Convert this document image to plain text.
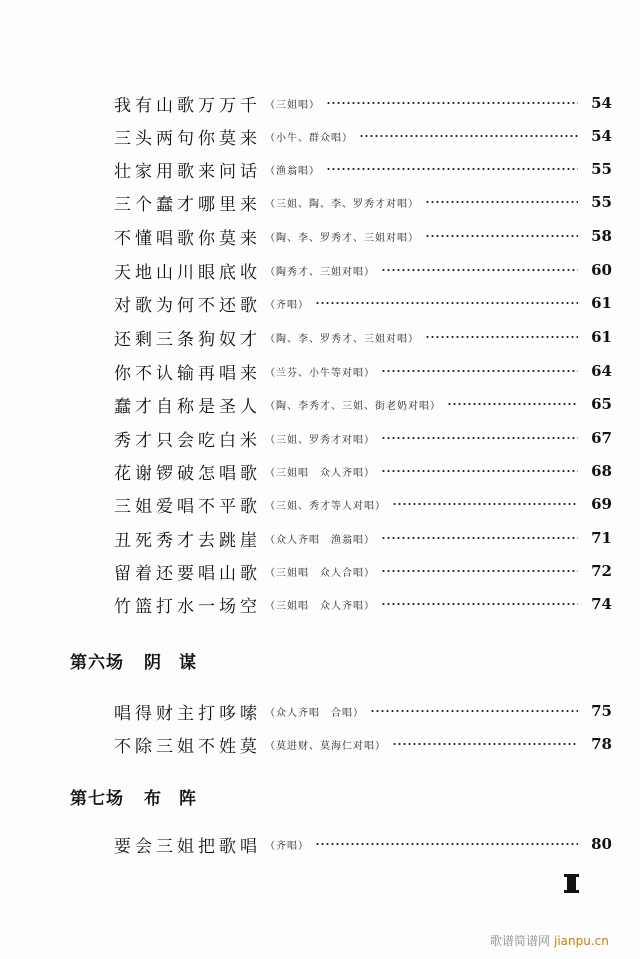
我有山歌万万千 （三姐唱）	54
三头两句你莫来 （小牛、群众唱）	54
壮家用歌来问话 （渔翁唱）	55
三个蠢才哪里来 （三姐、陶、李、罗秀才对唱）	55
不懂唱歌你莫来 （陶、李、罗秀才、三姐对唱）	58
天地山川眼底收 （陶秀才、三姐对唱）	60
对歌为何不还歌 （齐唱）	61
还剩三条狗奴才 （陶、李、罗秀才、三姐对唱）	61
你不认输再唱来 （兰芬、小牛等对唱）	64
蠢才自称是圣人 （陶、李秀才、三姐、街老奶对唱）	65
秀才只会吃白米 （三姐、罗秀才对唱）	67
花谢锣破怎唱歌 （三姐唱　众人齐唱）	68
三姐爱唱不平歌 （三姐、秀才等人对唱）	69
丑死秀才去跳崖 （众人齐唱　渔翁唱）	71
留着还要唱山歌 （三姐唱　众人合唱）	72
竹篮打水一场空 （三姐唱　众人齐唱）	74
第六场 阴谋
唱得财主打哆嗦 （众人齐唱　合唱）	75
不除三姐不姓莫 （莫进财、莫海仁对唱）	78
第七场 布阵
要会三姐把歌唱 （齐唱）	80
歌谱简谱网 jianpu.cn
